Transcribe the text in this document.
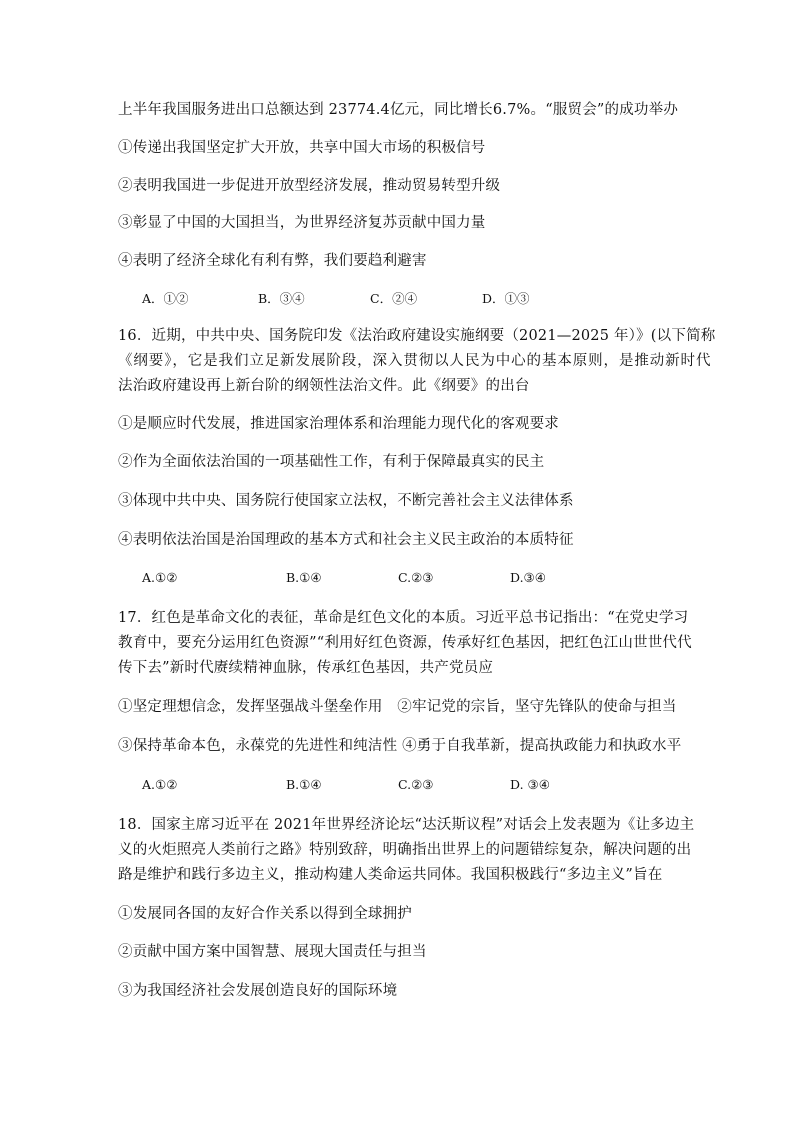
上半年我国服务进出口总额达到 23774.4亿元，同比增长6.7%。“服贸会”的成功举办
①传递出我国坚定扩大开放，共享中国大市场的积极信号
②表明我国进一步促进开放型经济发展，推动贸易转型升级
③彰显了中国的大国担当，为世界经济复苏贡献中国力量
④表明了经济全球化有利有弊，我们要趋利避害
A．①②	B．③④	C．②④	D．①③
16．近期，中共中央、国务院印发《法治政府建设实施纲要（2021—2025 年）》(以下简称
《纲要》，它是我们立足新发展阶段，深入贯彻以人民为中心的基本原则，是推动新时代
法治政府建设再上新台阶的纲领性法治文件。此《纲要》的出台
①是顺应时代发展，推进国家治理体系和治理能力现代化的客观要求
②作为全面依法治国的一项基础性工作，有利于保障最真实的民主
③体现中共中央、国务院行使国家立法权，不断完善社会主义法律体系
④表明依法治国是治国理政的基本方式和社会主义民主政治的本质特征
A.①②	B.①④	C.②③	D.③④
17．红色是革命文化的表征，革命是红色文化的本质。习近平总书记指出：“在党史学习
教育中，要充分运用红色资源”“利用好红色资源，传承好红色基因，把红色江山世世代代
传下去”新时代赓续精神血脉，传承红色基因，共产党员应
①坚定理想信念，发挥坚强战斗堡垒作用　②牢记党的宗旨，坚守先锋队的使命与担当
③保持革命本色，永葆党的先进性和纯洁性 ④勇于自我革新，提高执政能力和执政水平
A.①②	B.①④	C.②③	D. ③④
18．国家主席习近平在 2021年世界经济论坛“达沃斯议程”对话会上发表题为《让多边主
义的火炬照亮人类前行之路》特别致辞，明确指出世界上的问题错综复杂，解决问题的出
路是维护和践行多边主义，推动构建人类命运共同体。我国积极践行“多边主义”旨在
①发展同各国的友好合作关系以得到全球拥护
②贡献中国方案中国智慧、展现大国责任与担当
③为我国经济社会发展创造良好的国际环境
